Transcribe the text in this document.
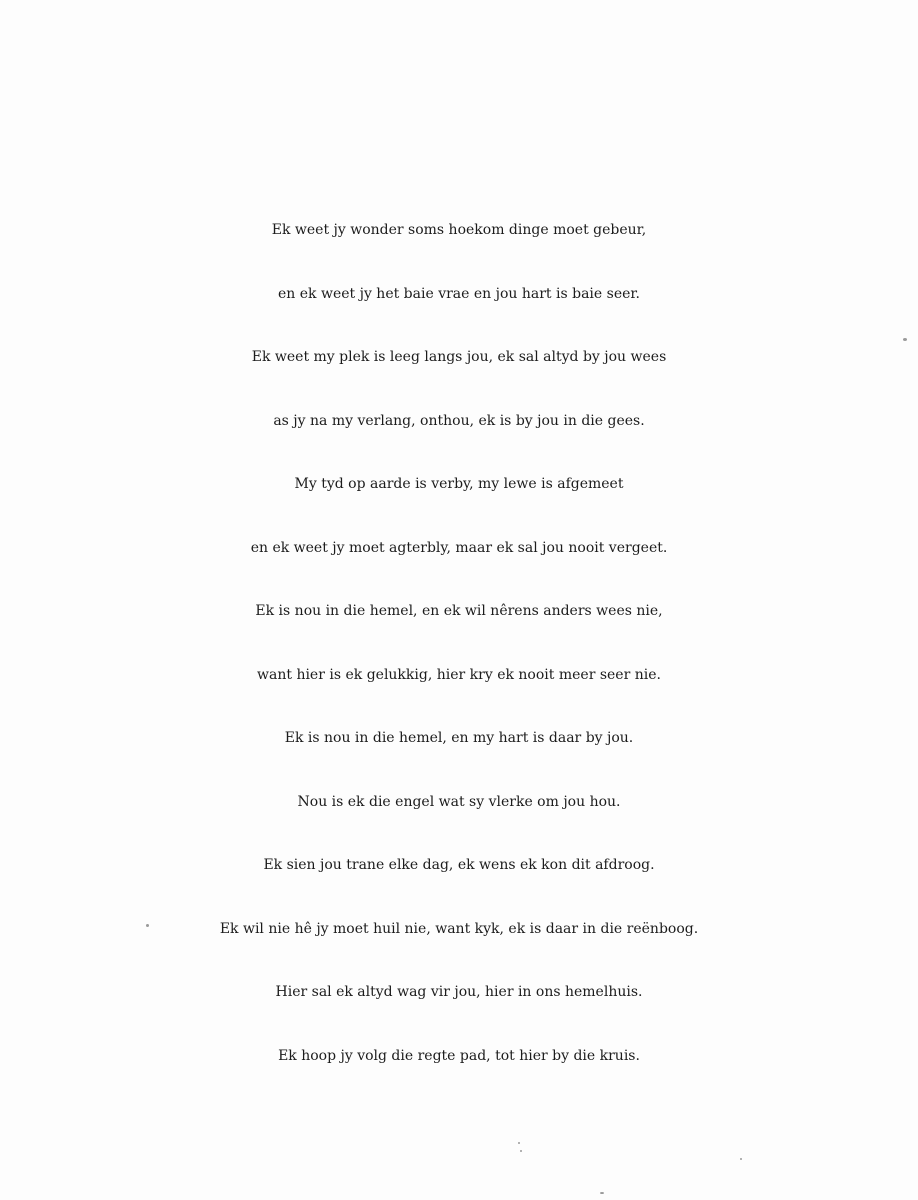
Ek weet jy wonder soms hoekom dinge moet gebeur,
en ek weet jy het baie vrae en jou hart is baie seer.
Ek weet my plek is leeg langs jou, ek sal altyd by jou wees
as jy na my verlang, onthou, ek is by jou in die gees.
My tyd op aarde is verby, my lewe is afgemeet
en ek weet jy moet agterbly, maar ek sal jou nooit vergeet.
Ek is nou in die hemel, en ek wil nêrens anders wees nie,
want hier is ek gelukkig, hier kry ek nooit meer seer nie.
Ek is nou in die hemel, en my hart is daar by jou.
Nou is ek die engel wat sy vlerke om jou hou.
Ek sien jou trane elke dag, ek wens ek kon dit afdroog.
Ek wil nie hê jy moet huil nie, want kyk, ek is daar in die reënboog.
Hier sal ek altyd wag vir jou, hier in ons hemelhuis.
Ek hoop jy volg die regte pad, tot hier by die kruis.
